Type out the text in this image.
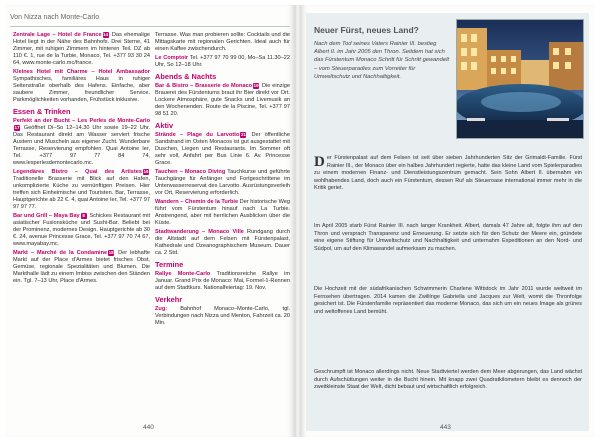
Von Nizza nach Monte-Carlo
Zentrale Lage – Hotel de France14 Das ehemalige Hotel liegt in der Nähe des Bahnhofs. Drei Sterne, 41 Zimmer, mit ruhigen Zimmern im hinteren Teil. DZ ab 110 €. 1, rue de la Turbie, Monaco, Tel. +377 93 30 24 64, www.monte-carlo.mc/france.
Kleines Hotel mit Charme – Hotel Ambassador Sympathisches, familiäres Haus in ruhiger Seitenstraße oberhalb des Hafens. Einfache, aber saubere Zimmer, freundlicher Service. Parkmöglichkeiten vorhanden, Frühstück inklusive.
Essen & Trinken
Perfekt an der Bucht – Les Perles de Monte-Carlo17 Geöffnet Di–So 12–14.30 Uhr sowie 19–22 Uhr. Das Restaurant direkt am Wasser serviert frische Austern und Muscheln aus eigener Zucht. Wunderbare Terrasse, Reservierung empfohlen. Quai Antoine Ier, Tel. +377 97 77 84 74, www.lesperlesdemontecarlo.mc.
Legendäres Bistro – Quai des Artistes16 Traditionelle Brasserie mit Blick auf den Hafen, unkomplizierte Küche zu vernünftigen Preisen. Hier treffen sich Einheimische und Touristen. Bar, Terrasse, Hauptgerichte ab 22 €. 4, quai Antoine Ier, Tel. +377 97 97 97 77.
Bar und Grill – Maya Bay 8 Schickes Restaurant mit asiatischer Fusionsküche und Sushi-Bar. Beliebt bei der Prominenz, modernes Design. Hauptgerichte ab 30 €. 24, avenue Princesse Grace, Tel. +377 97 70 74 67, www.mayabay.mc.
Markt – Marché de la Condamine18 Der lebhafte Markt auf der Place d'Armes bietet frisches Obst, Gemüse, regionale Spezialitäten und Blumen. Die Markthalle lädt zu einem Imbiss zwischen den Ständen ein. Tgl. 7–13 Uhr, Place d'Armes.
Terrasse. Was man probieren sollte: Cocktails und die Mittagskarte mit regionalen Gerichten. Ideal auch für einen Kaffee zwischendurch.
Le Comptoir Tel. +377 97 70 99 00, Mo–Sa 11.30–22 Uhr, So 12–18 Uhr.
Abends & Nachts
Bar & Bistro – Brasserie de Monaco19 Die einzige Brauerei des Fürstentums braut ihr Bier direkt vor Ort. Lockere Atmosphäre, gute Snacks und Livemusik an den Wochenenden. Route de la Piscine, Tel. +377 97 98 51 20.
Aktiv
Strände – Plage du Larvotto21 Der öffentliche Sandstrand im Osten Monacos ist gut ausgestattet mit Duschen, Liegen und Restaurants. Im Sommer oft sehr voll, Anfahrt per Bus Linie 6. Av. Princesse Grace.
Tauchen – Monaco Diving Tauchkurse und geführte Tauchgänge für Anfänger und Fortgeschrittene im Unterwasserreservat des Larvotto. Ausrüstungsverleih vor Ort, Reservierung erforderlich.
Wandern – Chemin de la Turbie Der historische Weg führt vom Fürstentum hinauf nach La Turbie. Anstrengend, aber mit herrlichen Ausblicken über die Küste.
Stadtwanderung – Monaco Ville Rundgang durch die Altstadt auf dem Felsen mit Fürstenpalast, Kathedrale und Ozeanographischem Museum. Dauer ca. 2 Std.
Termine
Rallye Monte-Carlo Traditionsreiche Rallye im Januar. Grand Prix de Monaco: Mai, Formel-1-Rennen auf dem Stadtkurs. Nationalfeiertag: 19. Nov.
Verkehr
Zug: Bahnhof Monaco–Monte-Carlo, tgl. Verbindungen nach Nizza und Menton, Fahrzeit ca. 20 Min.
440
Neuer Fürst, neues Land?
Nach dem Tod seines Vaters Rainier III. bestieg Albert II. im Jahr 2005 den Thron. Seitdem hat sich das Fürstentum Monaco Schritt für Schritt gewandelt – vom Steuerparadies zum Vorreiter für Umweltschutz und Nachhaltigkeit.
Der Fürstenpalast auf dem Felsen ist seit über sieben Jahrhunderten Sitz der Grimaldi-Familie. Fürst Rainier III., der Monaco über ein halbes Jahrhundert regierte, hatte das kleine Land vom Spielerparadies zu einem modernen Finanz- und Dienstleistungszentrum gemacht. Sein Sohn Albert II. übernahm ein wohlhabendes Land, doch auch ein Fürstentum, dessen Ruf als Steueroase international immer mehr in die Kritik geriet.
Im April 2005 starb Fürst Rainier III. nach langer Krankheit. Albert, damals 47 Jahre alt, folgte ihm auf den Thron und versprach Transparenz und Erneuerung. Er setzte sich für den Schutz der Meere ein, gründete eine eigene Stiftung für Umweltschutz und Nachhaltigkeit und unternahm Expeditionen an den Nord- und Südpol, um auf den Klimawandel aufmerksam zu machen.
Die Hochzeit mit der südafrikanischen Schwimmerin Charlene Wittstock im Jahr 2011 wurde weltweit im Fernsehen übertragen. 2014 kamen die Zwillinge Gabriella und Jacques zur Welt, womit die Thronfolge gesichert ist. Die Fürstenfamilie repräsentiert das moderne Monaco, das sich um ein neues Image als grünes und weltoffenes Land bemüht.
Geschrumpft ist Monaco allerdings nicht. Neue Stadtviertel werden dem Meer abgerungen, das Land wächst durch Aufschüttungen weiter in die Bucht hinein. Mit knapp zwei Quadratkilometern bleibt es dennoch der zweitkleinste Staat der Welt, dicht bebaut und wirtschaftlich erfolgreich.
443
